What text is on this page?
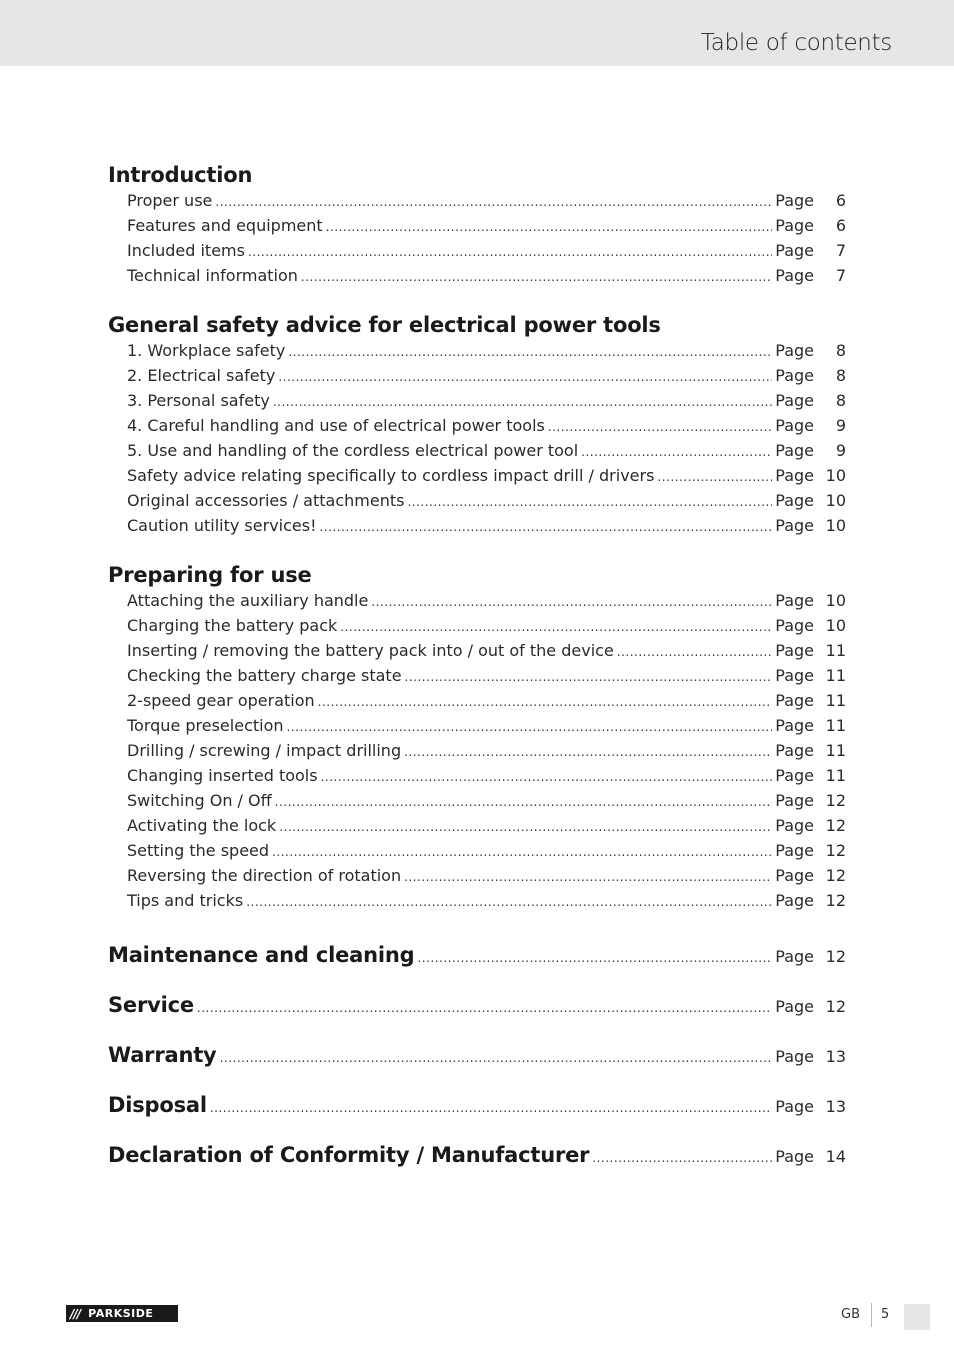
Table of contents
Introduction
Proper use .....	Page	6
Features and equipment .....	Page	6
Included items .....	Page	7
Technical information .....	Page	7
General safety advice for electrical power tools
1. Workplace safety .....	Page	8
2. Electrical safety .....	Page	8
3. Personal safety .....	Page	8
4. Careful handling and use of electrical power tools .....	Page	9
5. Use and handling of the cordless electrical power tool .....	Page	9
Safety advice relating specifically to cordless impact drill / drivers .....	Page 10
Original accessories / attachments .....	Page 10
Caution utility services! .....	Page 10
Preparing for use
Attaching the auxiliary handle .....	Page 10
Charging the battery pack .....	Page 10
Inserting / removing the battery pack into / out of the device .....	Page 11
Checking the battery charge state .....	Page 11
2-speed gear operation .....	Page 11
Torque preselection .....	Page 11
Drilling / screwing / impact drilling .....	Page 11
Changing inserted tools .....	Page 11
Switching On / Off .....	Page 12
Activating the lock .....	Page 12
Setting the speed .....	Page 12
Reversing the direction of rotation .....	Page 12
Tips and tricks .....	Page 12
Maintenance and cleaning .....	Page 12
Service .....	Page 12
Warranty .....	Page 13
Disposal .....	Page 13
Declaration of Conformity / Manufacturer .....	Page 14
/// PARKSIDE	GB 5
